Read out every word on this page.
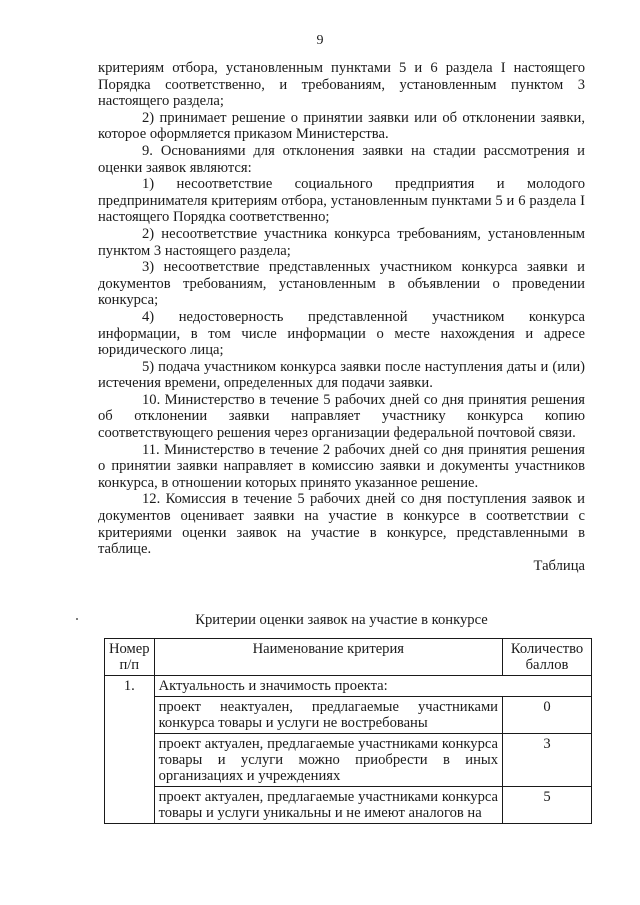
9

критериям отбора, установленным пунктами 5 и 6 раздела I настоящего Порядка соответственно, и требованиям, установленным пунктом 3 настоящего раздела;

2) принимает решение о принятии заявки или об отклонении заявки, которое оформляется приказом Министерства.

9. Основаниями для отклонения заявки на стадии рассмотрения и оценки заявок являются:

1) несоответствие социального предприятия и молодого предпринимателя критериям отбора, установленным пунктами 5 и 6 раздела I настоящего Порядка соответственно;

2) несоответствие участника конкурса требованиям, установленным пунктом 3 настоящего раздела;

3) несоответствие представленных участником конкурса заявки и документов требованиям, установленным в объявлении о проведении конкурса;

4) недостоверность представленной участником конкурса информации, в том числе информации о месте нахождения и адресе юридического лица;

5) подача участником конкурса заявки после наступления даты и (или) истечения времени, определенных для подачи заявки.

10. Министерство в течение 5 рабочих дней со дня принятия решения об отклонении заявки направляет участнику конкурса копию соответствующего решения через организации федеральной почтовой связи.

11. Министерство в течение 2 рабочих дней со дня принятия решения о принятии заявки направляет в комиссию заявки и документы участников конкурса, в отношении которых принято указанное решение.

12. Комиссия в течение 5 рабочих дней со дня поступления заявок и документов оценивает заявки на участие в конкурсе в соответствии с критериями оценки заявок на участие в конкурсе, представленными в таблице.

Таблица

Критерии оценки заявок на участие в конкурсе
Номер п/п	Наименование критерия	Количество баллов
1.	Актуальность и значимость проекта:	
	проект неактуален, предлагаемые участниками конкурса товары и услуги не востребованы	0
	проект актуален, предлагаемые участниками конкурса товары и услуги можно приобрести в иных организациях и учреждениях	3
	проект актуален, предлагаемые участниками конкурса товары и услуги уникальны и не имеют аналогов на	5
